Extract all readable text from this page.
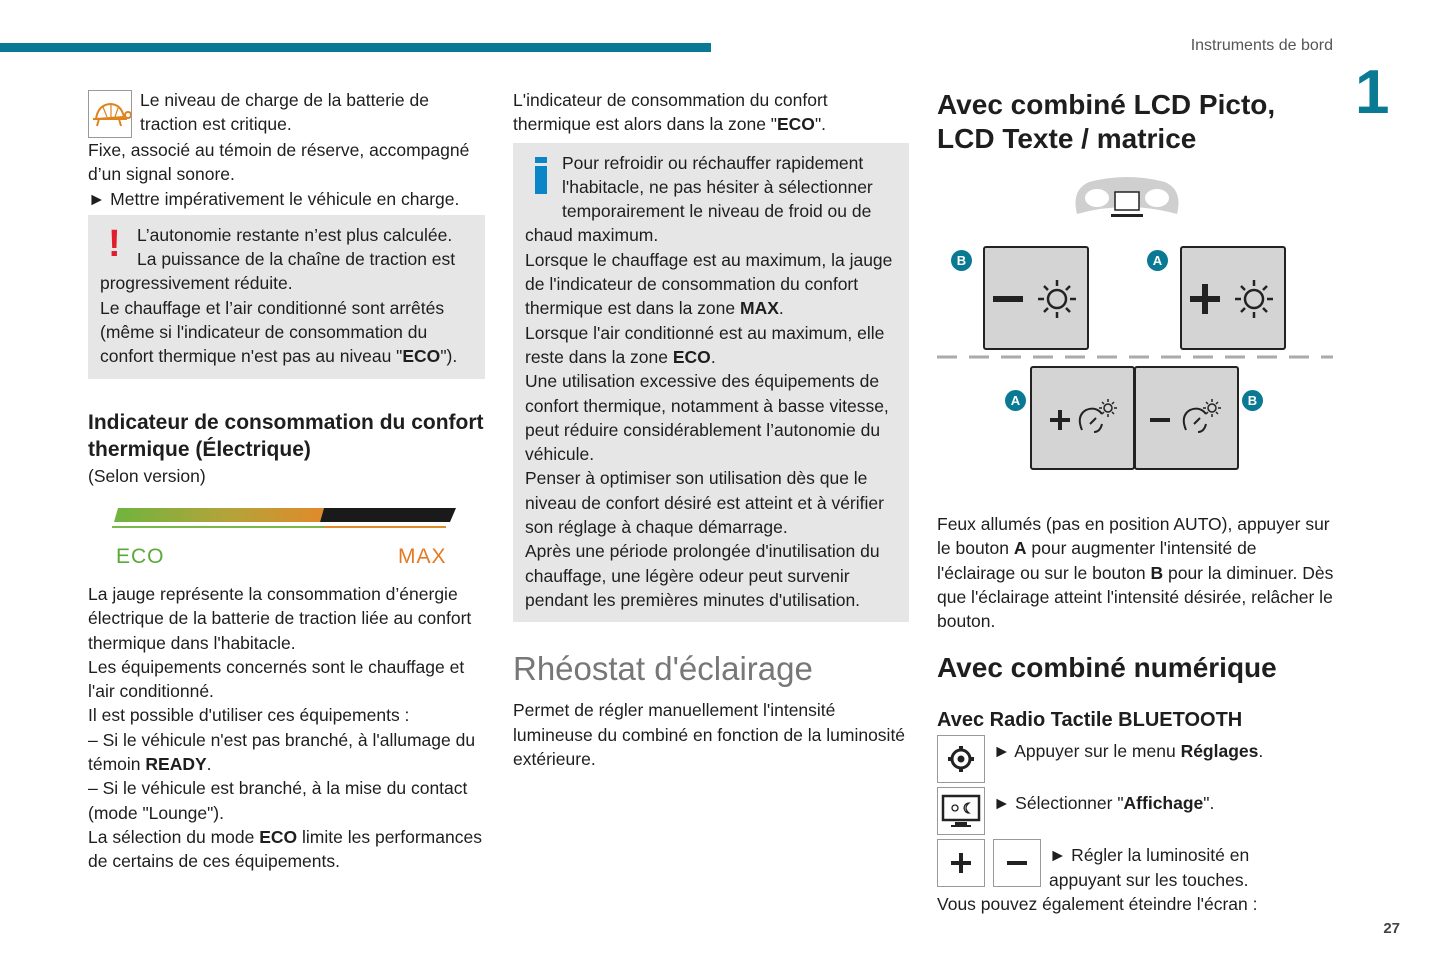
Instruments de bord
1
27

Le niveau de charge de la batterie de traction est critique.

Fixe, associé au témoin de réserve, accompagné d’un signal sonore.

► Mettre impérativement le véhicule en charge.

! L’autonomie restante n’est plus calculée.

La puissance de la chaîne de traction est progressivement réduite.

Le chauffage et l’air conditionné sont arrêtés (même si l'indicateur de consommation du confort thermique n'est pas au niveau "ECO").

Indicateur de consommation du confort thermique (Électrique)

(Selon version)

ECO	MAX

La jauge représente la consommation d’énergie électrique de la batterie de traction liée au confort thermique dans l'habitacle.

Les équipements concernés sont le chauffage et l'air conditionné.

Il est possible d'utiliser ces équipements :

– Si le véhicule n'est pas branché, à l'allumage du témoin READY.

– Si le véhicule est branché, à la mise du contact (mode "Lounge").

La sélection du mode ECO limite les performances de certains de ces équipements.

L'indicateur de consommation du confort thermique est alors dans la zone "ECO".

Pour refroidir ou réchauffer rapidement l'habitacle, ne pas hésiter à sélectionner temporairement le niveau de froid ou de chaud maximum.

Lorsque le chauffage est au maximum, la jauge de l'indicateur de consommation du confort thermique est dans la zone MAX.

Lorsque l'air conditionné est au maximum, elle reste dans la zone ECO.

Une utilisation excessive des équipements de confort thermique, notamment à basse vitesse, peut réduire considérablement l’autonomie du véhicule.

Penser à optimiser son utilisation dès que le niveau de confort désiré est atteint et à vérifier son réglage à chaque démarrage.

Après une période prolongée d'inutilisation du chauffage, une légère odeur peut survenir pendant les premières minutes d'utilisation.

Rhéostat d'éclairage

Permet de régler manuellement l'intensité lumineuse du combiné en fonction de la luminosité extérieure.

Avec combiné LCD Picto, LCD Texte / matrice
B	A
A	B

Feux allumés (pas en position AUTO), appuyer sur le bouton A pour augmenter l'intensité de l'éclairage ou sur le bouton B pour la diminuer. Dès que l'éclairage atteint l'intensité désirée, relâcher le bouton.

Avec combiné numérique
Avec Radio Tactile BLUETOOTH

► Appuyer sur le menu Réglages.

► Sélectionner "Affichage".

► Régler la luminosité en appuyant sur les touches.

Vous pouvez également éteindre l'écran :
